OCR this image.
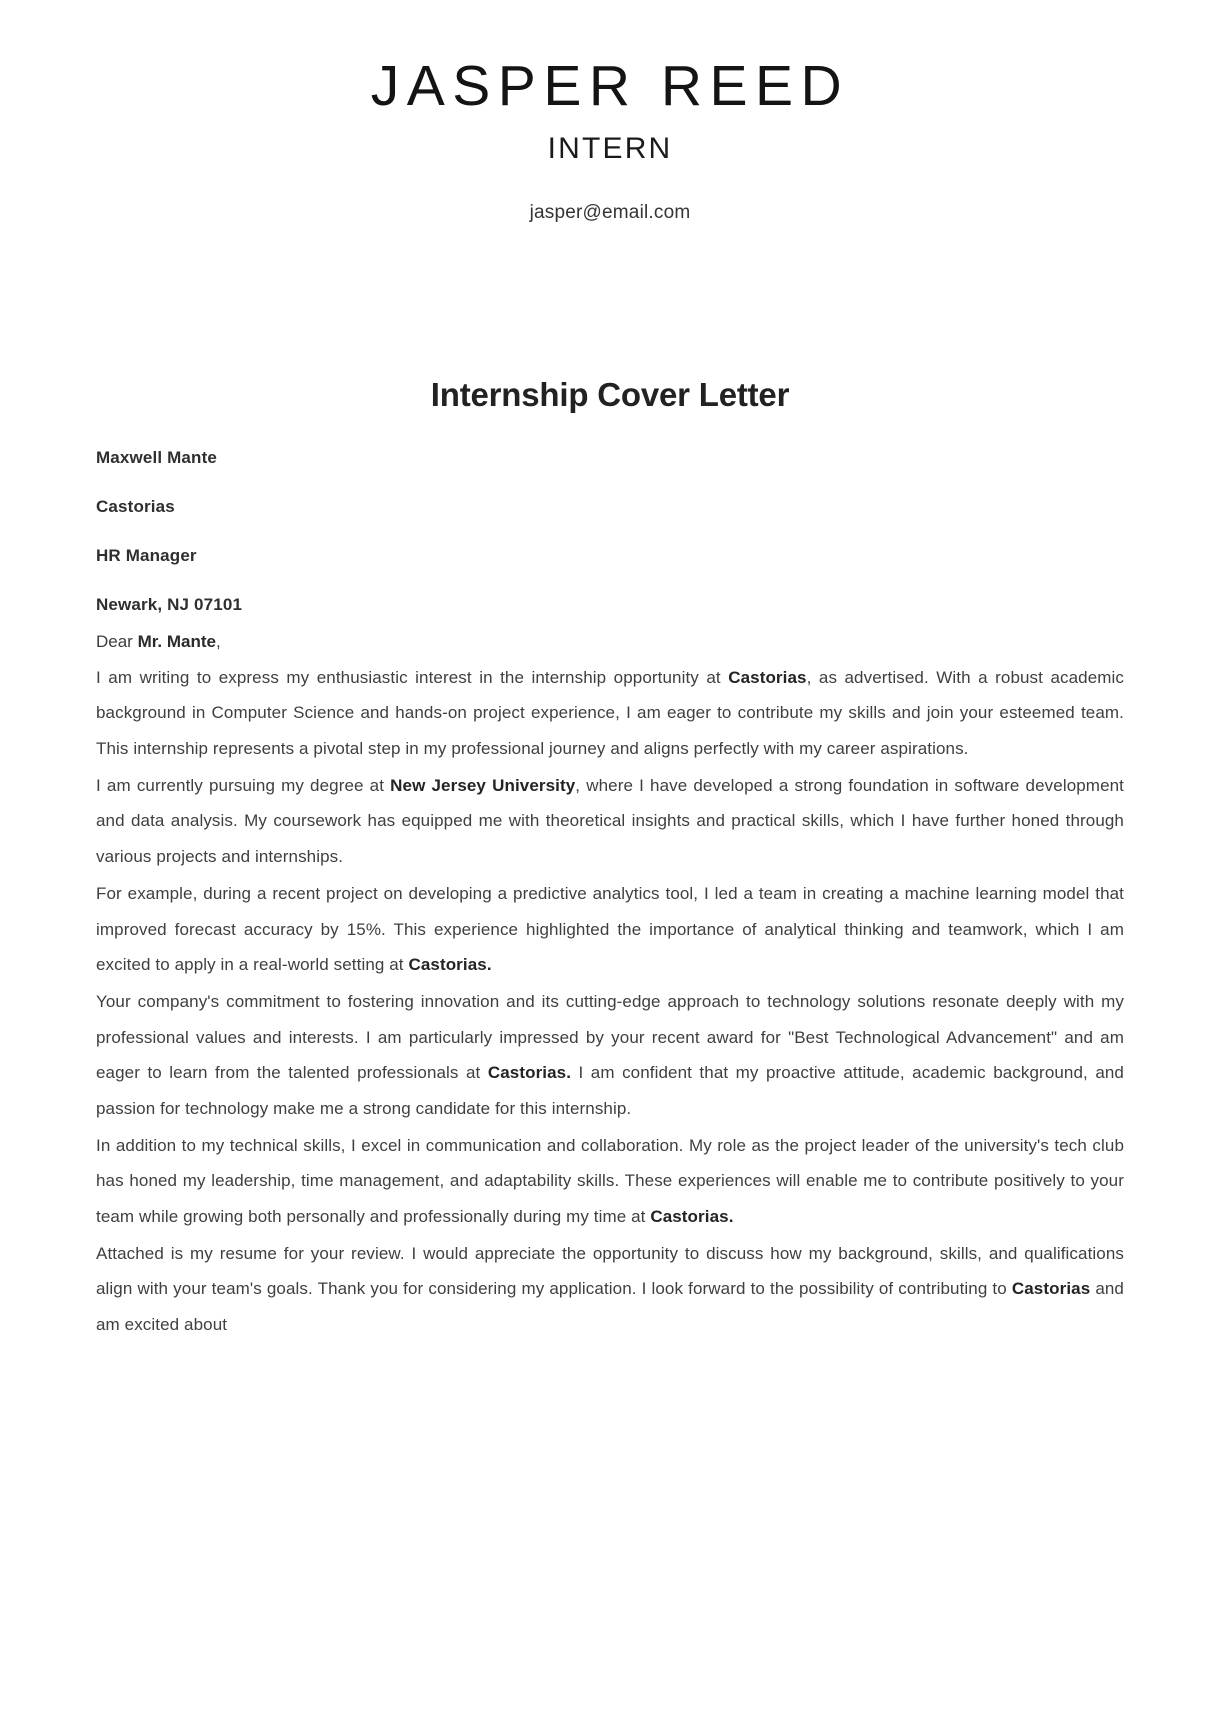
JASPER REED
INTERN
jasper@email.com
Internship Cover Letter
Maxwell Mante
Castorias
HR Manager
Newark, NJ 07101

Dear Mr. Mante,

I am writing to express my enthusiastic interest in the internship opportunity at Castorias, as advertised. With a robust academic background in Computer Science and hands-on project experience, I am eager to contribute my skills and join your esteemed team. This internship represents a pivotal step in my professional journey and aligns perfectly with my career aspirations.

I am currently pursuing my degree at New Jersey University, where I have developed a strong foundation in software development and data analysis. My coursework has equipped me with theoretical insights and practical skills, which I have further honed through various projects and internships.

For example, during a recent project on developing a predictive analytics tool, I led a team in creating a machine learning model that improved forecast accuracy by 15%. This experience highlighted the importance of analytical thinking and teamwork, which I am excited to apply in a real-world setting at Castorias.

Your company's commitment to fostering innovation and its cutting-edge approach to technology solutions resonate deeply with my professional values and interests. I am particularly impressed by your recent award for "Best Technological Advancement" and am eager to learn from the talented professionals at Castorias. I am confident that my proactive attitude, academic background, and passion for technology make me a strong candidate for this internship.

In addition to my technical skills, I excel in communication and collaboration. My role as the project leader of the university's tech club has honed my leadership, time management, and adaptability skills. These experiences will enable me to contribute positively to your team while growing both personally and professionally during my time at Castorias.

Attached is my resume for your review. I would appreciate the opportunity to discuss how my background, skills, and qualifications align with your team's goals. Thank you for considering my application. I look forward to the possibility of contributing to Castorias and am excited about
